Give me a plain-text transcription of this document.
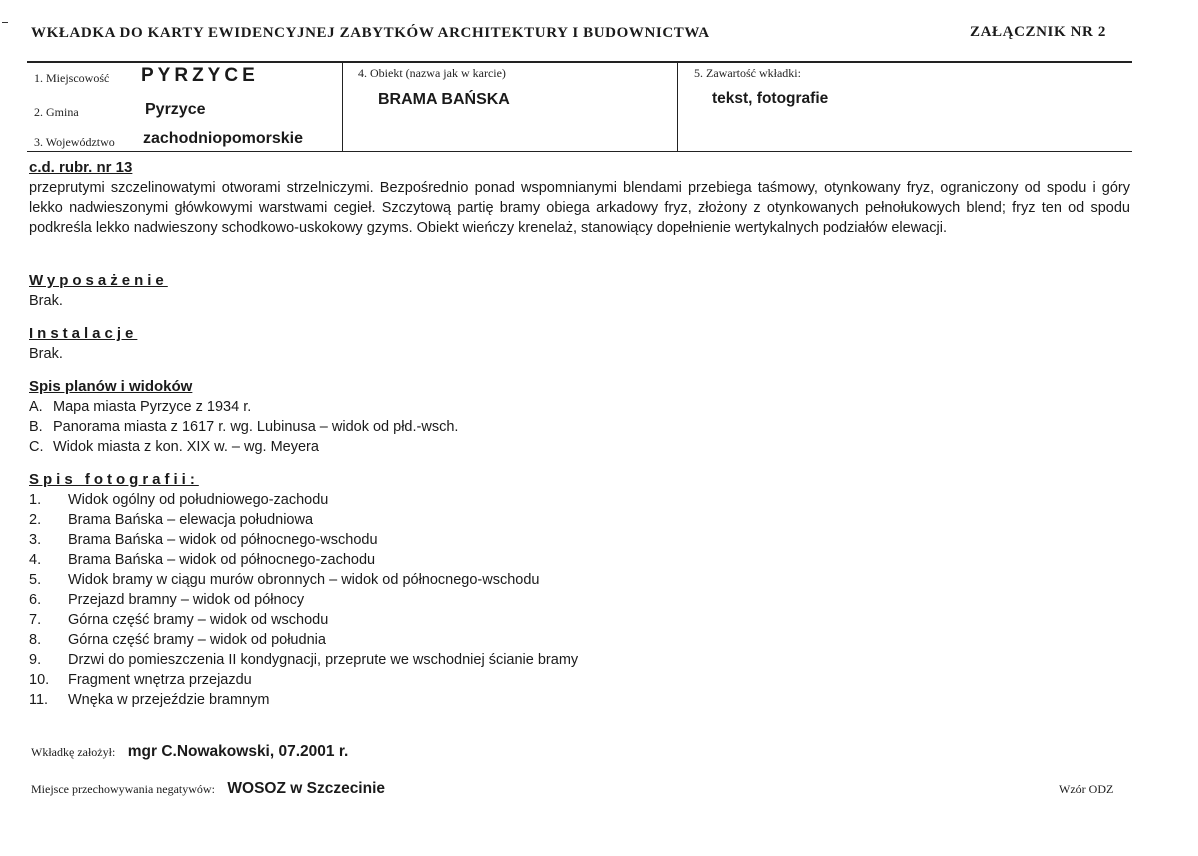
WKŁADKA DO KARTY EWIDENCYJNEJ ZABYTKÓW ARCHITEKTURY I BUDOWNICTWA	ZAŁĄCZNIK NR 2
1. Miejscowość PYRZYCE
2. Gmina	Pyrzyce
3. Województwo zachodniopomorskie
4. Obiekt (nazwa jak w karcie)
BRAMA BAŃSKA
5. Zawartość wkładki:
tekst, fotografie
c.d. rubr. nr 13
przeprutymi szczelinowatymi otworami strzelniczymi. Bezpośrednio ponad wspomnianymi blendami przebiega taśmowy, otynkowany fryz, ograniczony od spodu i góry lekko nadwieszonymi główkowymi warstwami cegieł. Szczytową partię bramy obiega arkadowy fryz, złożony z otynkowanych pełnołukowych blend; fryz ten od spodu podkreśla lekko nadwieszony schodkowo-uskokowy gzyms. Obiekt wieńczy krenelaż, stanowiący dopełnienie wertykalnych podziałów elewacji.
Wyposażenie
Brak.
Instalacje
Brak.
Spis planów i widoków
A. Mapa miasta Pyrzyce z 1934 r.
B. Panorama miasta z 1617 r. wg. Lubinusa – widok od płd.-wsch.
C. Widok miasta z kon. XIX w. – wg. Meyera
Spis fotografii:
1. Widok ogólny od południowego-zachodu
2. Brama Bańska – elewacja południowa
3. Brama Bańska – widok od północnego-wschodu
4. Brama Bańska – widok od północnego-zachodu
5. Widok bramy w ciągu murów obronnych – widok od północnego-wschodu
6. Przejazd bramny – widok od północy
7. Górna część bramy – widok od wschodu
8. Górna część bramy – widok od południa
9. Drzwi do pomieszczenia II kondygnacji, przeprute we wschodniej ścianie bramy
10. Fragment wnętrza przejazdu
11. Wnęka w przejeździe bramnym
Wkładkę założył: mgr C.Nowakowski, 07.2001 r.
Miejsce przechowywania negatywów: WOSOZ w Szczecinie	Wzór ODZ
